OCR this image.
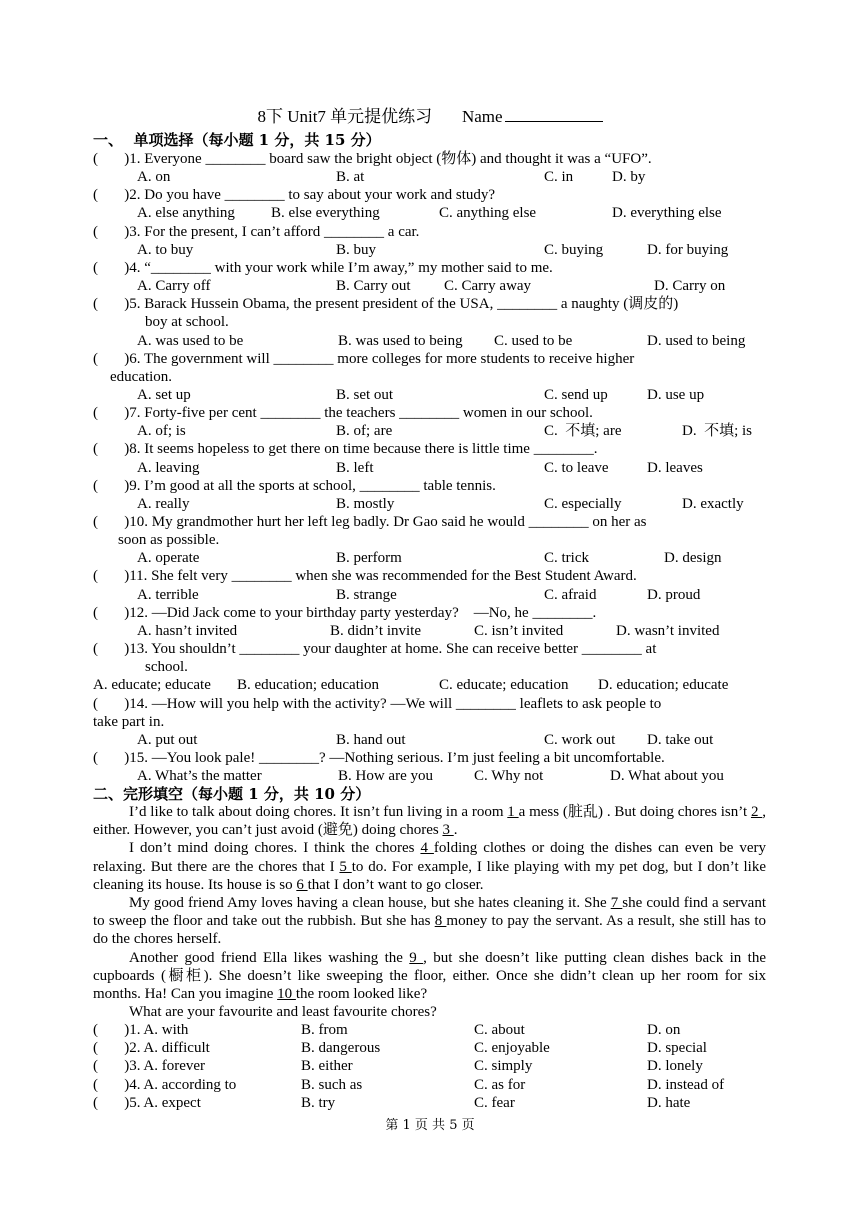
8下 Unit7 单元提优练习 Name
一、  单项选择（每小题 1 分，共 15 分）
(       )1. Everyone ________ board saw the bright object (物体) and thought it was a “UFO”.
A. on	B. at	C. in	D. by
(       )2. Do you have ________ to say about your work and study?
A. else anything B. else everything	C. anything else	D. everything else
(       )3. For the present, I can’t afford ________ a car.
A. to buy	B. buy	C. buying	D. for buying
(       )4. “________ with your work while I’m away,” my mother said to me.
A. Carry off	B. Carry out C. Carry away	D. Carry on
(       )5. Barack Hussein Obama, the present president of the USA, ________ a naughty (调皮的)
boy at school.
A. was used to be	B. was used to being C. used to be	D. used to being
(       )6. The government will ________ more colleges for more students to receive higher
education.
A. set up	B. set out	C. send up	D. use up
(       )7. Forty-five per cent ________ the teachers ________ women in our school.
A. of; is	B. of; are	C.  不填; are	D.  不填; is
(       )8. It seems hopeless to get there on time because there is little time ________.
A. leaving	B. left	C. to leave	D. leaves
(       )9. I’m good at all the sports at school, ________ table tennis.
A. really	B. mostly	C. especially	D. exactly
(       )10. My grandmother hurt her left leg badly. Dr Gao said he would ________ on her as
soon as possible.
A. operate	B. perform	C. trick	D. design
(       )11. She felt very ________ when she was recommended for the Best Student Award.
A. terrible	B. strange	C. afraid	D. proud
(       )12. —Did Jack come to your birthday party yesterday?    —No, he ________.
A. hasn’t invited	B. didn’t invite	C. isn’t invited	D. wasn’t invited
(       )13. You shouldn’t ________ your daughter at home. She can receive better ________ at
school.
A. educate; educate B. education; education	C. educate; education D. education; educate
(       )14. —How will you help with the activity? —We will ________ leaflets to ask people to
take part in.
A. put out	B. hand out	C. work out D. take out
(       )15. —You look pale! ________? —Nothing serious. I’m just feeling a bit uncomfortable.
A. What’s the matter	B. How are you	C. Why not	D. What about you
二、完形填空（每小题 1 分，共 10 分）

I’d like to talk about doing chores. It isn’t fun living in a room 1 a mess (脏乱) . But doing chores isn’t 2 , either. However, you can’t just avoid (避免) doing chores 3 .

I don’t mind doing chores. I think the chores 4 folding clothes or doing the dishes can even be very relaxing. But there are the chores that I 5 to do. For example, I like playing with my pet dog, but I don’t like cleaning its house. Its house is so 6 that I don’t want to go closer.

My good friend Amy loves having a clean house, but she hates cleaning it. She 7 she could find a servant to sweep the floor and take out the rubbish. But she has 8 money to pay the servant. As a result, she still has to do the chores herself.

Another good friend Ella likes washing the 9 , but she doesn’t like putting clean dishes back in the cupboards (橱柜). She doesn’t like sweeping the floor, either. Once she didn’t clean up her room for six months. Ha! Can you imagine 10 the room looked like?

What are your favourite and least favourite chores?

(       )1. A. with	B. from	C. about	D. on
(       )2. A. difficult	B. dangerous	C. enjoyable	D. special
(       )3. A. forever	B. either	C. simply	D. lonely
(       )4. A. according to	B. such as	C. as for	D. instead of
(       )5. A. expect	B. try	C. fear	D. hate
第 1 页 共 5 页
